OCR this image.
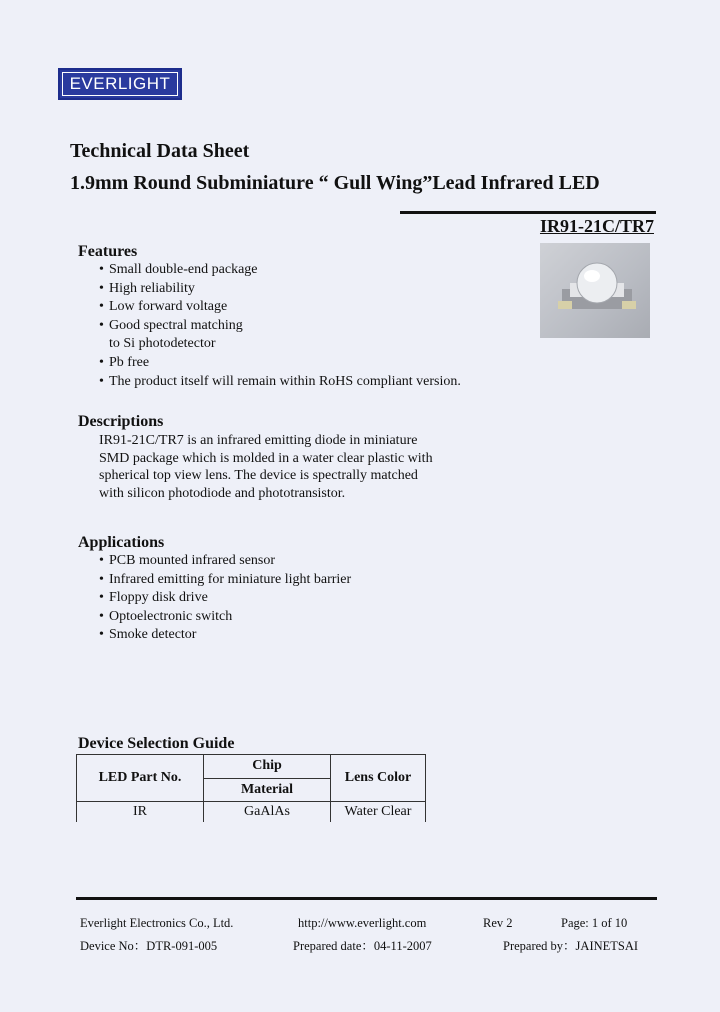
EVERLIGHT
Technical Data Sheet
1.9mm Round Subminiature “ Gull Wing”Lead Infrared LED
IR91-21C/TR7
Features
• Small double-end package
• High reliability
• Low forward voltage
• Good spectral matching
to Si photodetector
• Pb free
• The product itself will remain within RoHS compliant version.
Descriptions
IR91-21C/TR7 is an infrared emitting diode in miniature
SMD package which is molded in a water clear plastic with
spherical top view lens. The device is spectrally matched
with silicon photodiode and phototransistor.
Applications
• PCB mounted infrared sensor
• Infrared emitting for miniature light barrier
• Floppy disk drive
• Optoelectronic switch
• Smoke detector
Device Selection Guide
LED Part No.	Chip	Lens Color
	Material	
IR	GaAlAs	Water Clear
Everlight Electronics Co., Ltd.	http://www.everlight.com	Rev 2	Page: 1 of 10
Device No：DTR-091-005	Prepared date：04-11-2007	Prepared by：JAINETSAI
